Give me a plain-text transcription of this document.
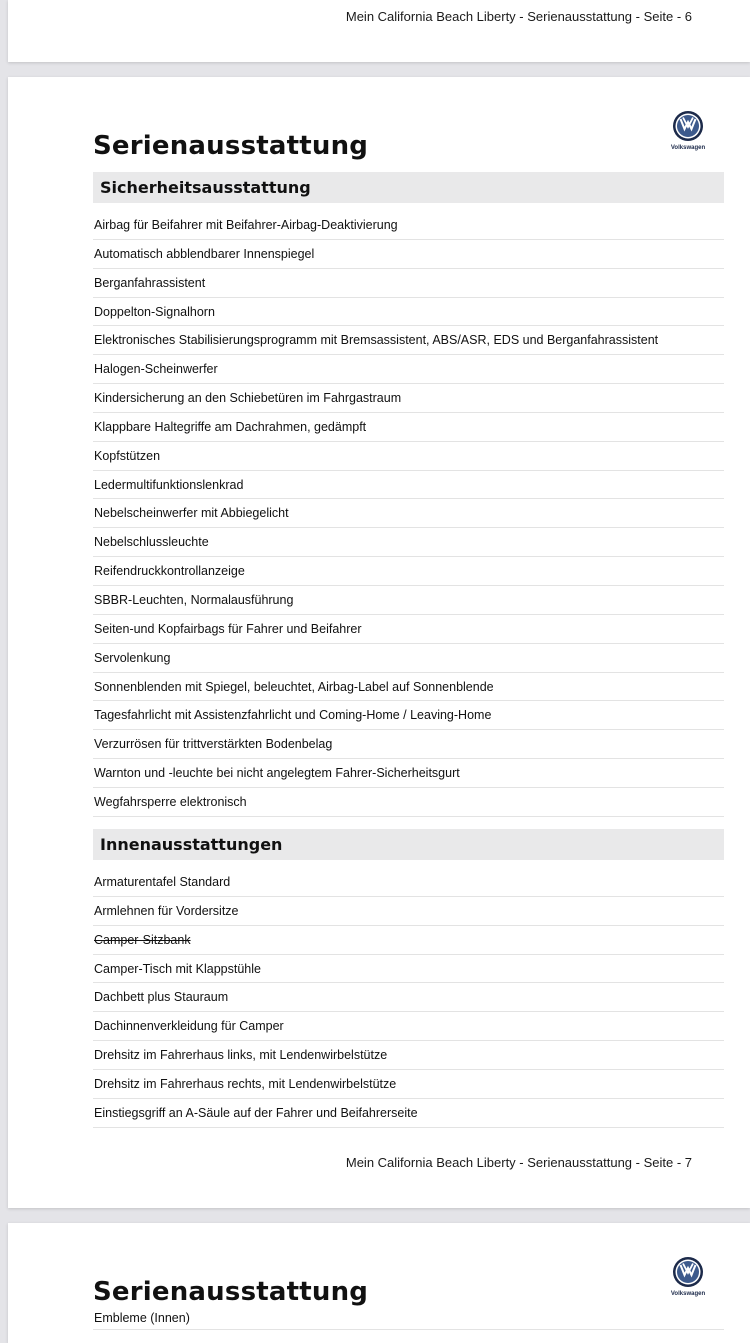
Mein California Beach Liberty - Serienausstattung - Seite - 6
Volkswagen
Serienausstattung
Sicherheitsausstattung
Airbag für Beifahrer mit Beifahrer-Airbag-Deaktivierung
Automatisch abblendbarer Innenspiegel
Berganfahrassistent
Doppelton-Signalhorn
Elektronisches Stabilisierungsprogramm mit Bremsassistent, ABS/ASR, EDS und Berganfahrassistent
Halogen-Scheinwerfer
Kindersicherung an den Schiebetüren im Fahrgastraum
Klappbare Haltegriffe am Dachrahmen, gedämpft
Kopfstützen
Ledermultifunktionslenkrad
Nebelscheinwerfer mit Abbiegelicht
Nebelschlussleuchte
Reifendruckkontrollanzeige
SBBR-Leuchten, Normalausführung
Seiten-und Kopfairbags für Fahrer und Beifahrer
Servolenkung
Sonnenblenden mit Spiegel, beleuchtet, Airbag-Label auf Sonnenblende
Tagesfahrlicht mit Assistenzfahrlicht und Coming-Home / Leaving-Home
Verzurrösen für trittverstärkten Bodenbelag
Warnton und -leuchte bei nicht angelegtem Fahrer-Sicherheitsgurt
Wegfahrsperre elektronisch
Innenausstattungen
Armaturentafel Standard
Armlehnen für Vordersitze
Camper-Sitzbank
Camper-Tisch mit Klappstühle
Dachbett plus Stauraum
Dachinnenverkleidung für Camper
Drehsitz im Fahrerhaus links, mit Lendenwirbelstütze
Drehsitz im Fahrerhaus rechts, mit Lendenwirbelstütze
Einstiegsgriff an A-Säule auf der Fahrer und Beifahrerseite
Mein California Beach Liberty - Serienausstattung - Seite - 7
Volkswagen
Serienausstattung
Embleme (Innen)
